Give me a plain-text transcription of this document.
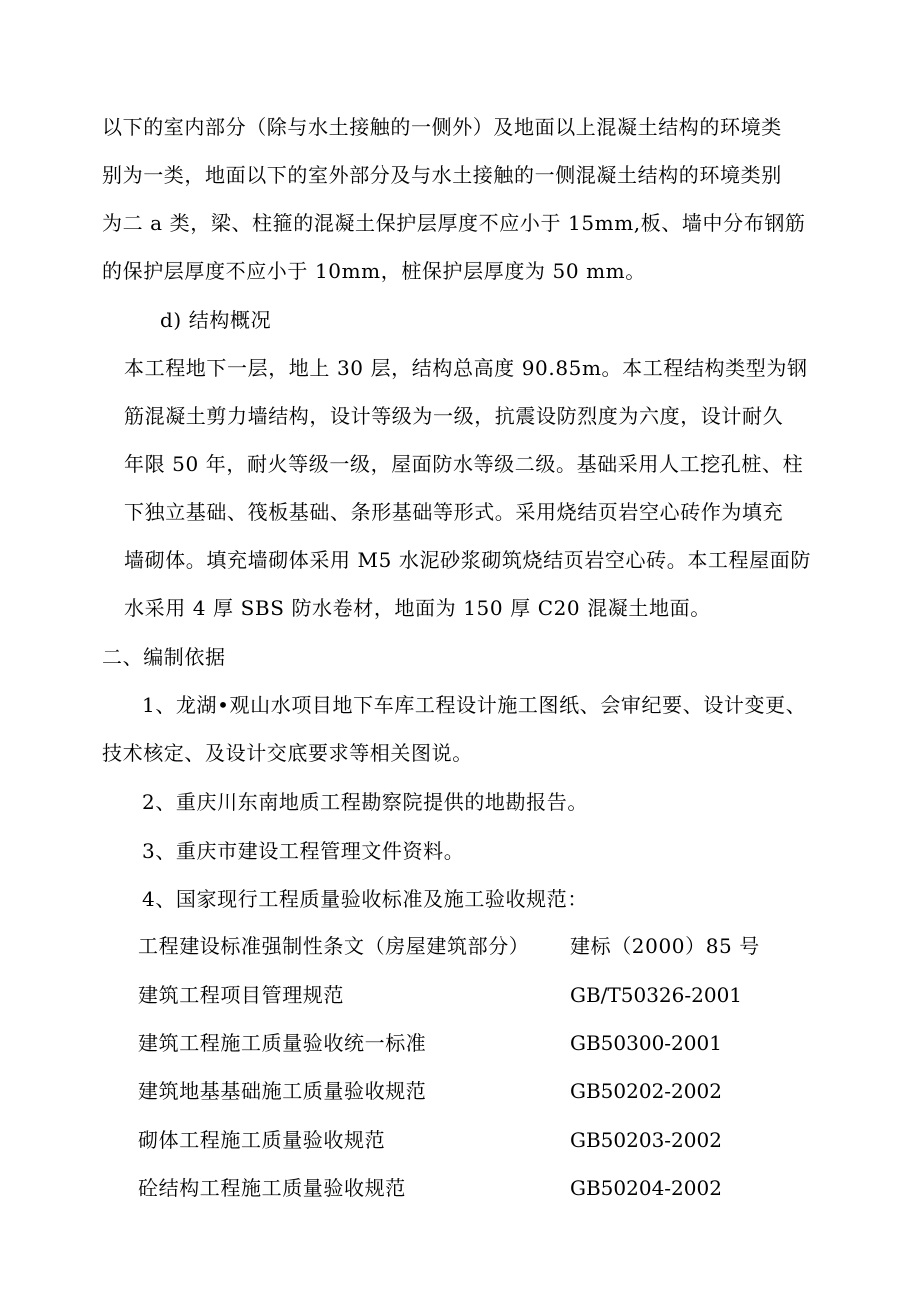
以下的室内部分（除与水土接触的一侧外）及地面以上混凝土结构的环境类
别为一类，地面以下的室外部分及与水土接触的一侧混凝土结构的环境类别
为二 a 类，梁、柱箍的混凝土保护层厚度不应小于 15mm,板、墙中分布钢筋
的保护层厚度不应小于 10mm，桩保护层厚度为 50 mm。
d) 结构概况
本工程地下一层，地上 30 层，结构总高度 90.85m。本工程结构类型为钢
筋混凝土剪力墙结构，设计等级为一级，抗震设防烈度为六度，设计耐久
年限 50 年，耐火等级一级，屋面防水等级二级。基础采用人工挖孔桩、柱
下独立基础、筏板基础、条形基础等形式。采用烧结页岩空心砖作为填充
墙砌体。填充墙砌体采用 M5 水泥砂浆砌筑烧结页岩空心砖。本工程屋面防
水采用 4 厚 SBS 防水卷材，地面为 150 厚 C20 混凝土地面。
二、编制依据
1、龙湖•观山水项目地下车库工程设计施工图纸、会审纪要、设计变更、
技术核定、及设计交底要求等相关图说。
2、重庆川东南地质工程勘察院提供的地勘报告。
3、重庆市建设工程管理文件资料。
4、国家现行工程质量验收标准及施工验收规范：
工程建设标准强制性条文（房屋建筑部分） 建标（2000）85 号
建筑工程项目管理规范	GB/T50326-2001
建筑工程施工质量验收统一标准	GB50300-2001
建筑地基基础施工质量验收规范	GB50202-2002
砌体工程施工质量验收规范	GB50203-2002
砼结构工程施工质量验收规范	GB50204-2002
